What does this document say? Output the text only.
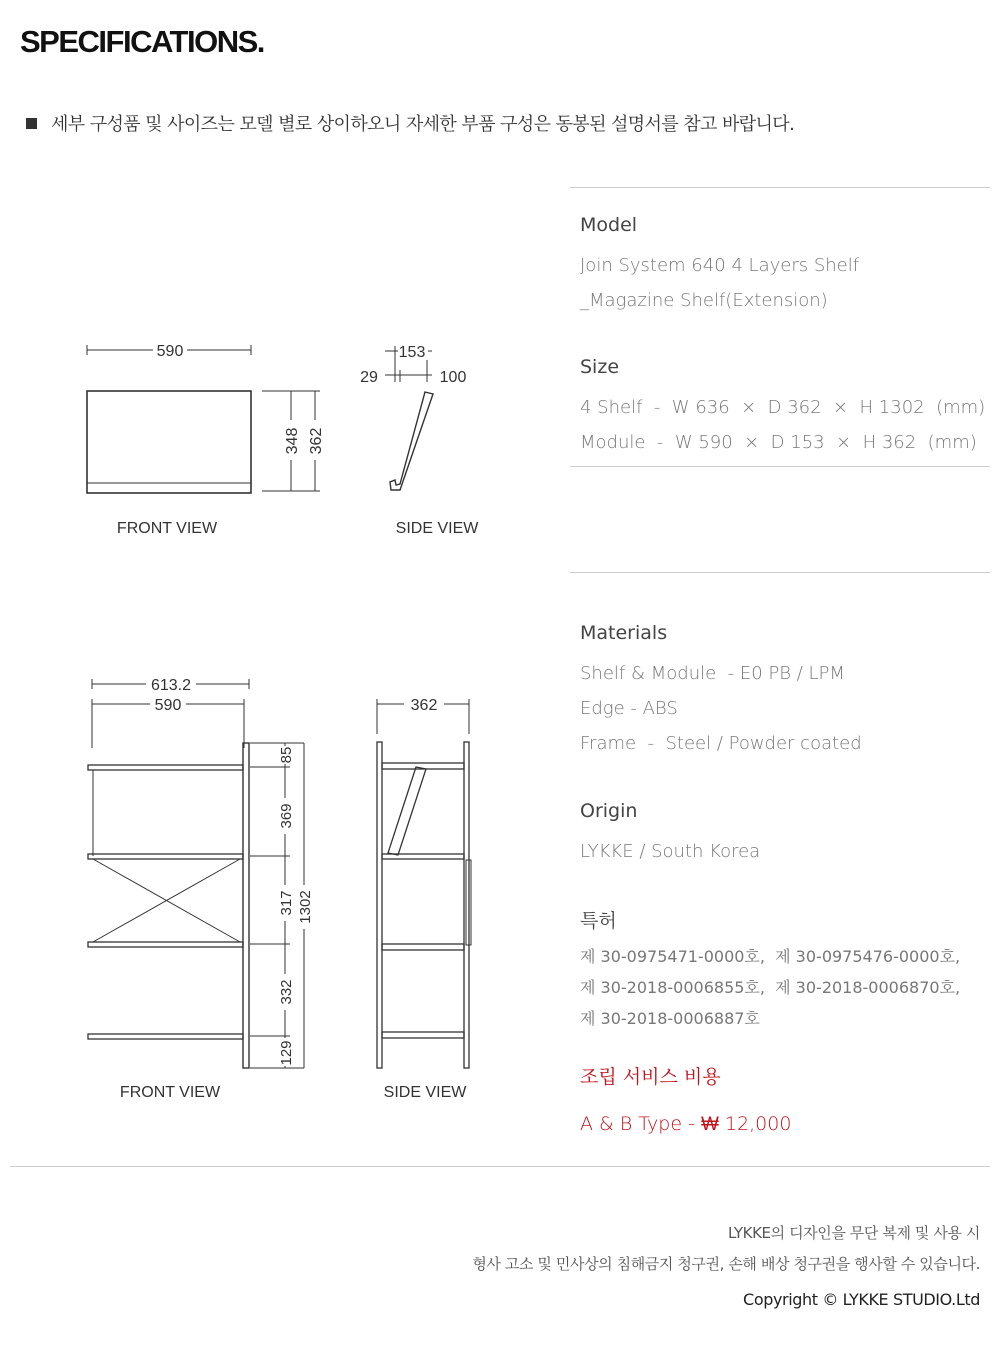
SPECIFICATIONS.
세부 구성품 및 사이즈는 모델 별로 상이하오니 자세한 부품 구성은 동봉된 설명서를 참고 바랍니다.
590
348 362
153
29	100
FRONT VIEW	SIDE VIEW
613.2
590	362
85
369
317
332
129
1302
FRONT VIEW	SIDE VIEW
Model
Join System 640 4 Layers Shelf
_Magazine Shelf(Extension)
Size
4 Shelf  -  W 636  ×  D 362  ×  H 1302  (mm)
Module  -  W 590  ×  D 153  ×  H 362  (mm)
Materials
Shelf & Module  - E0 PB / LPM
Edge - ABS
Frame  -  Steel / Powder coated
Origin
LYKKE / South Korea
특허
제 30-0975471-0000호,  제 30-0975476-0000호,
제 30-2018-0006855호,  제 30-2018-0006870호,
제 30-2018-0006887호
조립 서비스 비용
A & B Type - ₩ 12,000
LYKKE의 디자인을 무단 복제 및 사용 시
형사 고소 및 민사상의 침해금지 청구권, 손해 배상 청구권을 행사할 수 있습니다.
Copyright © LYKKE STUDIO.Ltd
